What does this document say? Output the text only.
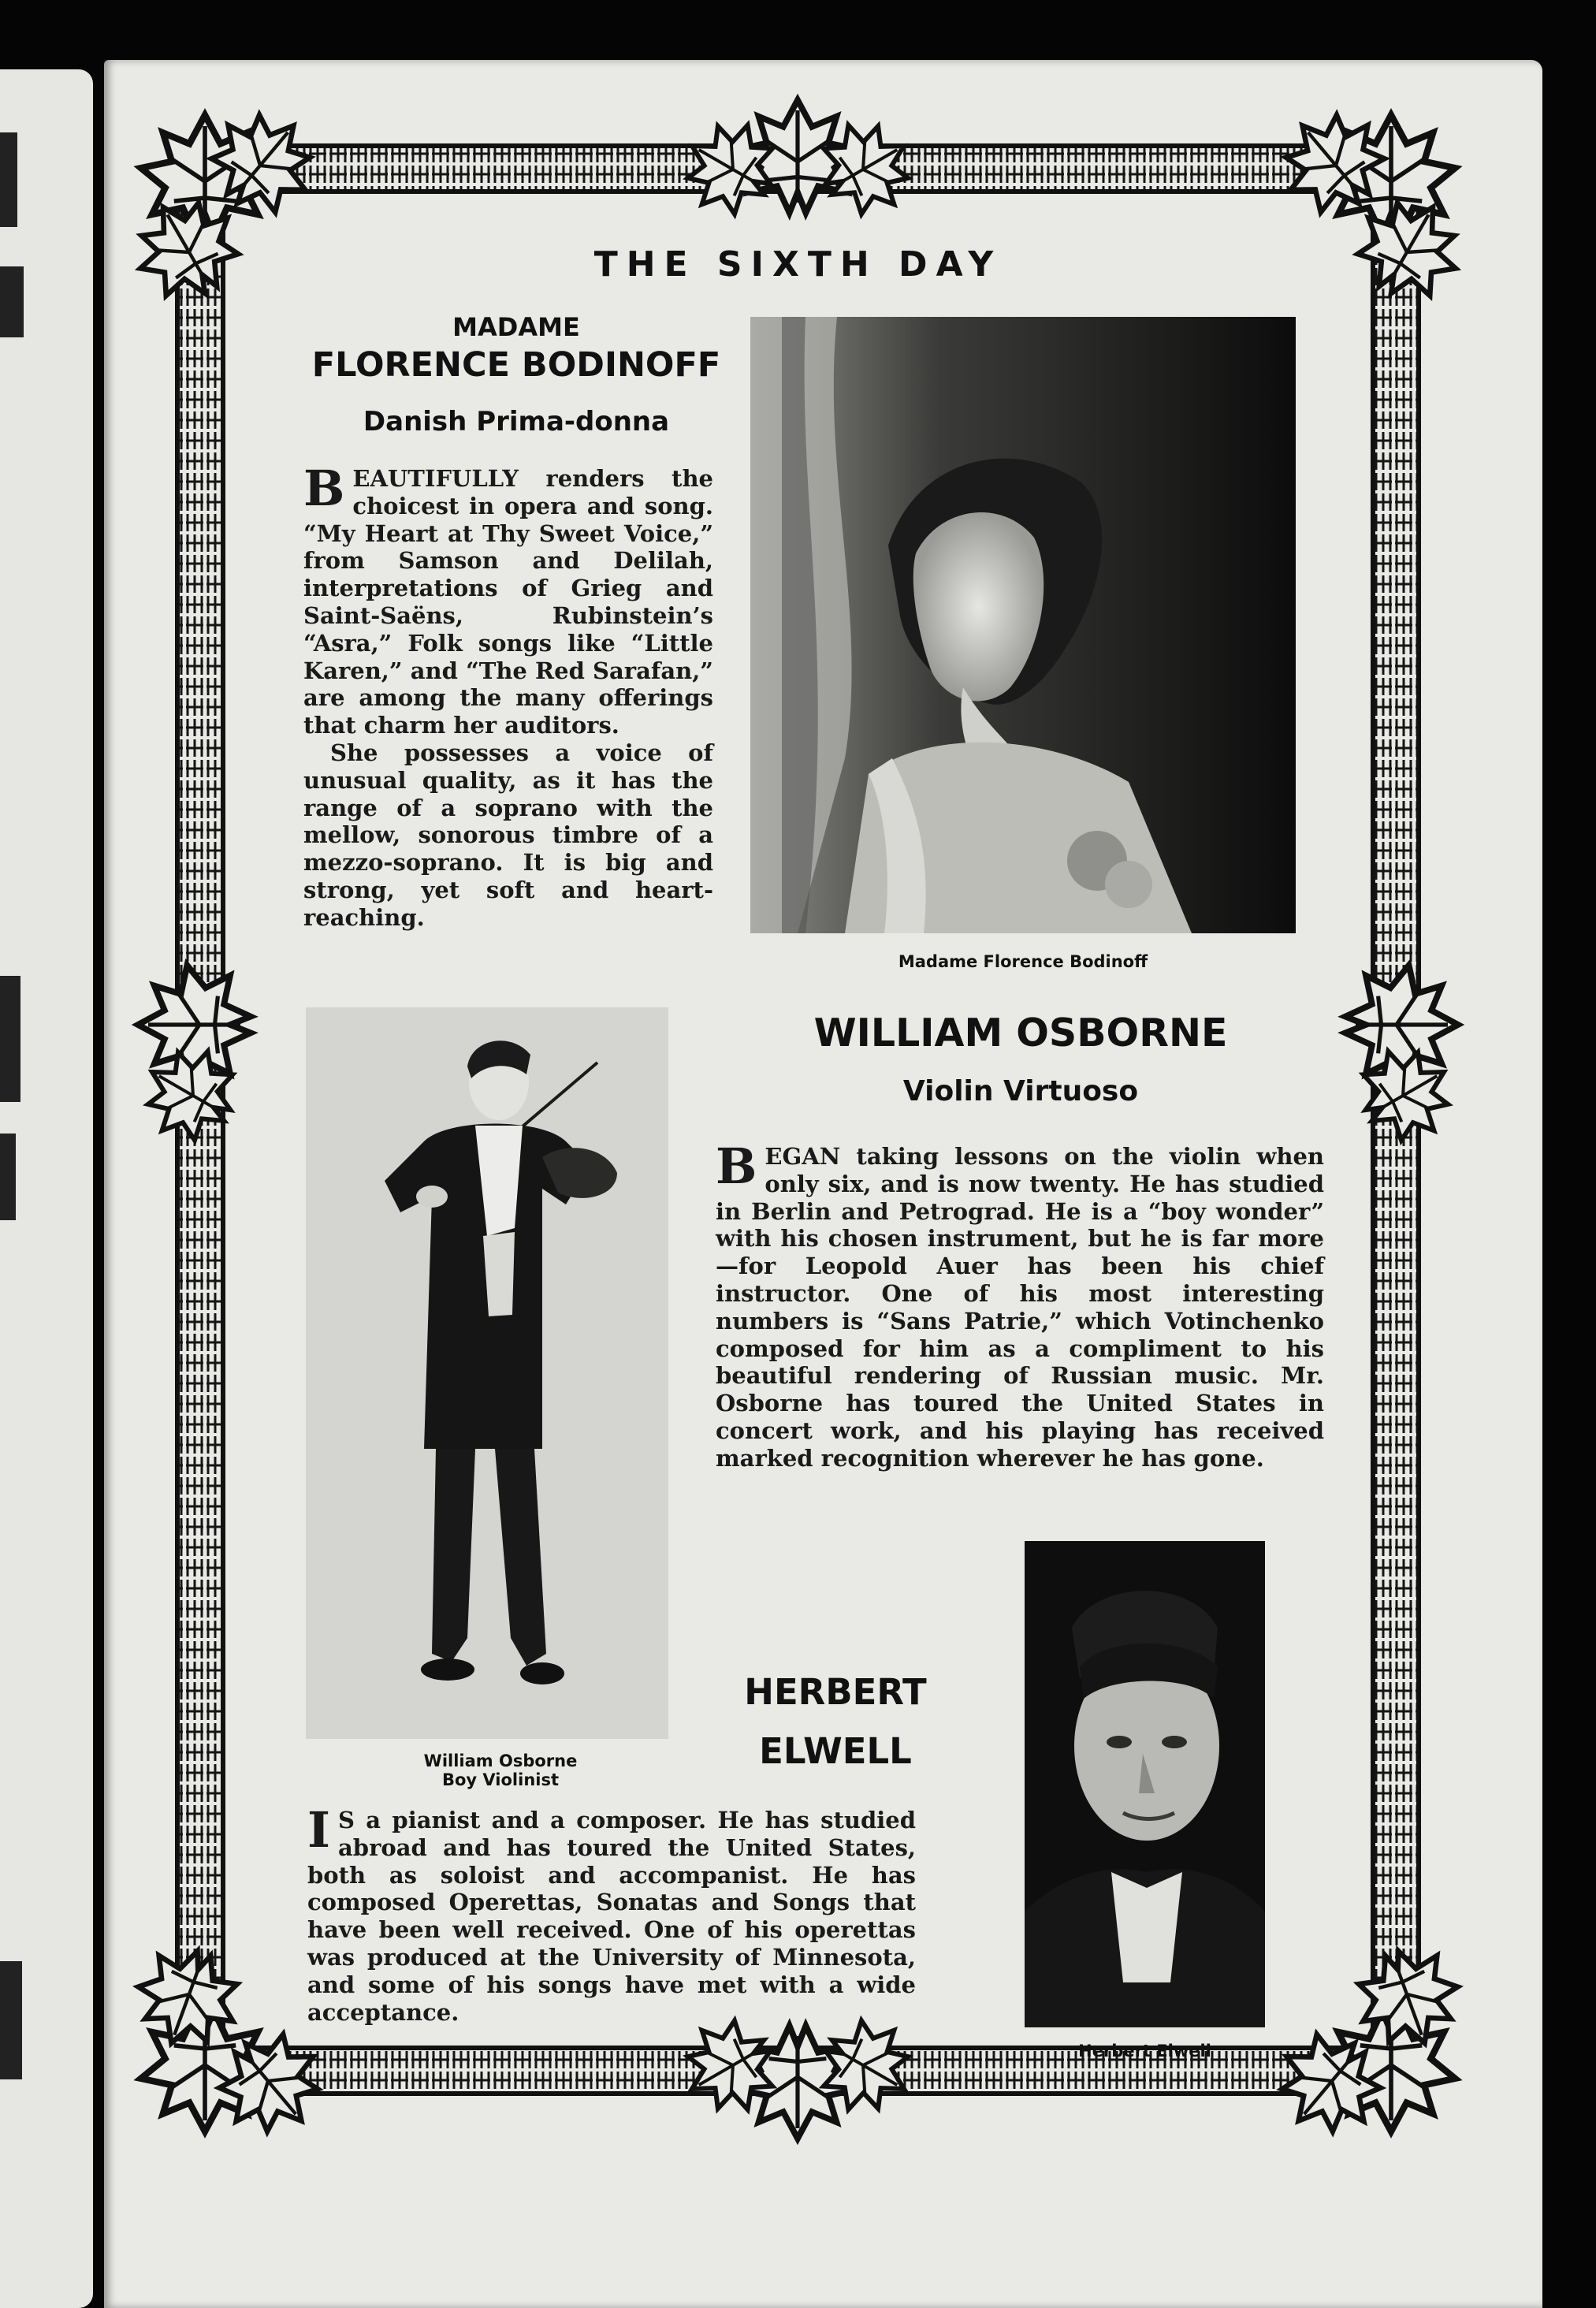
THE SIXTH DAY
MADAME
FLORENCE BODINOFF
Danish Prima-donna

BEAUTIFULLY renders the choicest in opera and song. “My Heart at Thy Sweet Voice,” from Samson and Delilah, interpretations of Grieg and Saint-Saëns, Rubinstein’s “Asra,” Folk songs like “Little Karen,” and “The Red Sarafan,” are among the many offerings that charm her auditors.

She possesses a voice of unusual quality, as it has the range of a soprano with the mellow, sonorous timbre of a mezzo-soprano. It is big and strong, yet soft and heart-reaching.

Madame Florence Bodinoff
William Osborne
Boy Violinist
WILLIAM OSBORNE
Violin Virtuoso

BEGAN taking lessons on the violin when only six, and is now twenty. He has studied in Berlin and Petrograd. He is a “boy wonder” with his chosen instrument, but he is far more—for Leopold Auer has been his chief instructor. One of his most interesting numbers is “Sans Patrie,” which Votinchenko composed for him as a compliment to his beautiful rendering of Russian music. Mr. Osborne has toured the United States in concert work, and his playing has received marked recognition wherever he has gone.

HERBERT
ELWELL
Herbert Elwell

I S a pianist and a composer. He has studied abroad and has toured the United States, both as soloist and accompanist. He has composed Operettas, Sonatas and Songs that have been well received. One of his operettas was produced at the University of Minnesota, and some of his songs have met with a wide acceptance.
